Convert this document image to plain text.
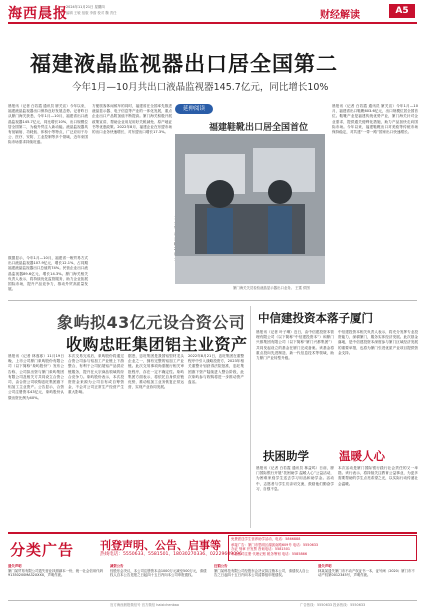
海西晨报
2024年11月21日 星期四
编辑 王敏 组版 李蔚 校对 魏 责任	财经解读	A5
福建液晶监视器出口居全国第二
今年1月—10月共出口液晶监视器145.7亿元，同比增长10%
晨报讯（记者 白若霞 通讯员 厦关宣）今年以来，福建液晶监视器出口保持良好发展态势。记者昨日从厦门海关获悉，今年1月—10月，福建省出口液晶监视器145.7亿元，同比增长10%，出口规模位居全国第二，为稳外贸注入新动能。液晶监视器具有低辐射、功耗低、体积小等特点，广泛应用于办公、医疗、安防、工业控制等多个领域，近年来国际市场需求持续旺盛。
数据显示，今年1月—10月，福建省一般贸易方式出口液晶监视器107.9亿元，增长12.1%，占同期福建液晶监视器出口总值的74%。民营企业出口液晶监视器89.6亿元，增长14.3%。厦门海关相关负责人表示，将持续优化监管服务，助力企业拓展国际市场，提升产品竞争力，推动外贸高质量发展。
方便旅客休闲候车的同时，福建省在全国率先推进液晶显示器、电子信息等产业的一体化发展，重点企业出口产品附加值不断提高。厦门海关积极开展政策宣讲，帮助企业用足用好关税减免、原产地证书等优惠政策。2022年8月，福建企业在东盟市场的出口业务快速增长，对东盟出口增长17.3%。
延伸阅读
福建鞋靴出口居全国首位
厦门海关关员检验液晶显示器出口业务。 王霆 供图
晨报讯（记者 白若霞 通讯员 厦关宣）今年1月—10月，福建省出口鞋靴603.6亿元，出口规模位居全国首位。鞋靴产业是福建传统优势产业，厦门海关针对企业需求，提供通关便利化措施，助力产品加快走向国际市场。今年以来，福建鞋靴出口对美欧等传统市场保持稳定，对共建“一带一路”国家出口快速增长。
象屿拟43亿元设合资公司
收购忠旺集团铝主业资产
晨报讯（记者 林逸寒）11月19日晚，上市公司厦门象屿股份有限公司（以下简称“象屿股份”）发布公告称，公司拟出资与厦门象屿集团有限公司及相关方共同设立合资公司，由合资公司收购忠旺集团旗下铝加工主业资产。公告显示，合资公司注册资本43亿元，象屿股份认缴出资比例为40%。
本次交易完成后，象屿股份将通过合资公司参与铝加工产业链上下游整合，有利于公司拓展铝产品供应链服务，提升在大宗商品领域的综合竞争力。象屿股份表示，本次投资资金来源为公司自有或自筹资金，不会对公司正常生产经营产生重大影响。
据悉，忠旺集团是我国铝型材龙头企业之一，拥有完整的铝加工产业链。此次交易事项尚需履行相关审批程序，存在一定不确定性。象屿集团方面表示，将依托自身供应链优势，推动铝加工业务恢复正常运营，实现产业协同发展。
2022年8月21日，忠旺集团在重整程序中引入战略投资方，2023年相关重整计划获得法院批准，忠旺集团旗下资产陆续进入整合阶段，此次象屿参与收购将进一步推动资产盘活。
中信建投资本落子厦门
晨报讯（记者 叶子琳）近日，由中信建投资本管理有限公司（以下简称“中信建投资本”）和厦门兴都集团有限公司（以下简称“厦门兴都集团”）共同发起设立的基金在厦门完成备案。该基金将重点投向先进制造、新一代信息技术等领域，助力厦门产业转型升级。
中信建投资本相关负责人表示，将充分发挥专业投资能力，深耕厦门，服务实体经济发展。此次基金落地，是中信建投资本深度参与厦门区域经济发展的重要举措，也将为厦门引进优质产业项目提供资金支持。
扶困助学	温暖人心
晨报讯（记者 白若霞 通讯员 林益鸣）日前，厦门国际银行开展“扶困助学 温暖人心”公益活动，为困难家庭学生送去学习用品和助学金。活动中，志愿者与学生们亲切交流，鼓励他们勤奋学习、自强不息。
本次活动是厦门国际银行践行社会责任的又一举措。该行表示，将持续关注教育公益事业，为更多需要帮助的学生点亮希望之光，以实际行动传递社会温暖。
分类广告 刊登声明、公告、启事等
热线电话：5550633、5581501、18030270336、02229609096
免费派送学生营养助学活动，电话：5866888
承接广告：厦门市思明区湖滨南路609号 电话：5550633
办证 刻章 开发票 咨询电话：5581501
专业公司注册 代理记账 税务筹划 电话：5585866
遗失声明
厦门某贸易有限公司遗失营业执照副本一份，统一社会信用代码91350200MA32XXXX，声明作废。
减资公告
经股东会决议，本公司注册资本由1000万元减至500万元，请债权人自本公告见报之日起四十五日内向本公司申报债权。
注销公告
厦门某科技有限公司经股东会决议拟注销本公司，请债权人自公告之日起四十五日内向本公司清算组申报债权。
遗失声明
林某某遗失厦门市不动产权证书一本，证号闽（2020）厦门市不动产权第0012345号，声明作废。
官方海西晨报微信号 官方微信 haixichenbao	广告热线：5550633 投诉热线：5550633
